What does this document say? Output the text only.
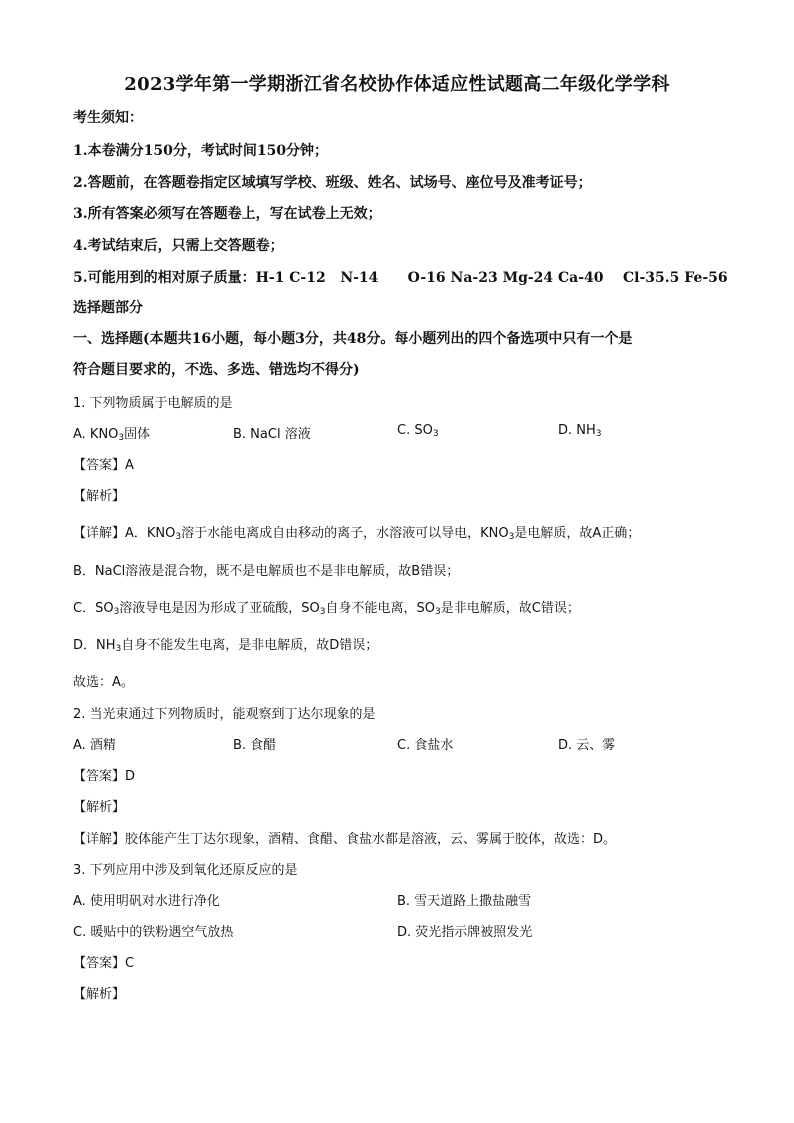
2023学年第一学期浙江省名校协作体适应性试题高二年级化学学科
考生须知：
1.本卷满分150分，考试时间150分钟；
2.答题前，在答题卷指定区域填写学校、班级、姓名、试场号、座位号及准考证号；
3.所有答案必须写在答题卷上，写在试卷上无效；
4.考试结束后，只需上交答题卷；
5.可能用到的相对原子质量：H-1 C-12   N-14      O-16 Na-23 Mg-24 Ca-40    Cl-35.5 Fe-56
选择题部分
一、选择题(本题共16小题，每小题3分，共48分。每小题列出的四个备选项中只有一个是
符合题目要求的，不选、多选、错选均不得分)
1. 下列物质属于电解质的是
A. $KNO_3$固体	B. NaCl 溶液	C. $SO_3$	D. $NH_3$
【答案】A
【解析】
【详解】A．$KNO_3$溶于水能电离成自由移动的离子，水溶液可以导电，$KNO_3$是电解质，故A正确；
B．NaCl溶液是混合物，既不是电解质也不是非电解质，故B错误；
C．$SO_3$溶液导电是因为形成了亚硫酸，$SO_3$自身不能电离，$SO_3$是非电解质，故C错误；
D．$NH_3$自身不能发生电离，是非电解质，故D错误；
故选：A。
2. 当光束通过下列物质时，能观察到丁达尔现象的是
A. 酒精	B. 食醋	C. 食盐水	D. 云、雾
【答案】D
【解析】
【详解】胶体能产生丁达尔现象，酒精、食醋、食盐水都是溶液，云、雾属于胶体，故选：D。
3. 下列应用中涉及到氧化还原反应的是
A. 使用明矾对水进行净化	B. 雪天道路上撒盐融雪
C. 暖贴中的铁粉遇空气放热	D. 荧光指示牌被照发光
【答案】C
【解析】
